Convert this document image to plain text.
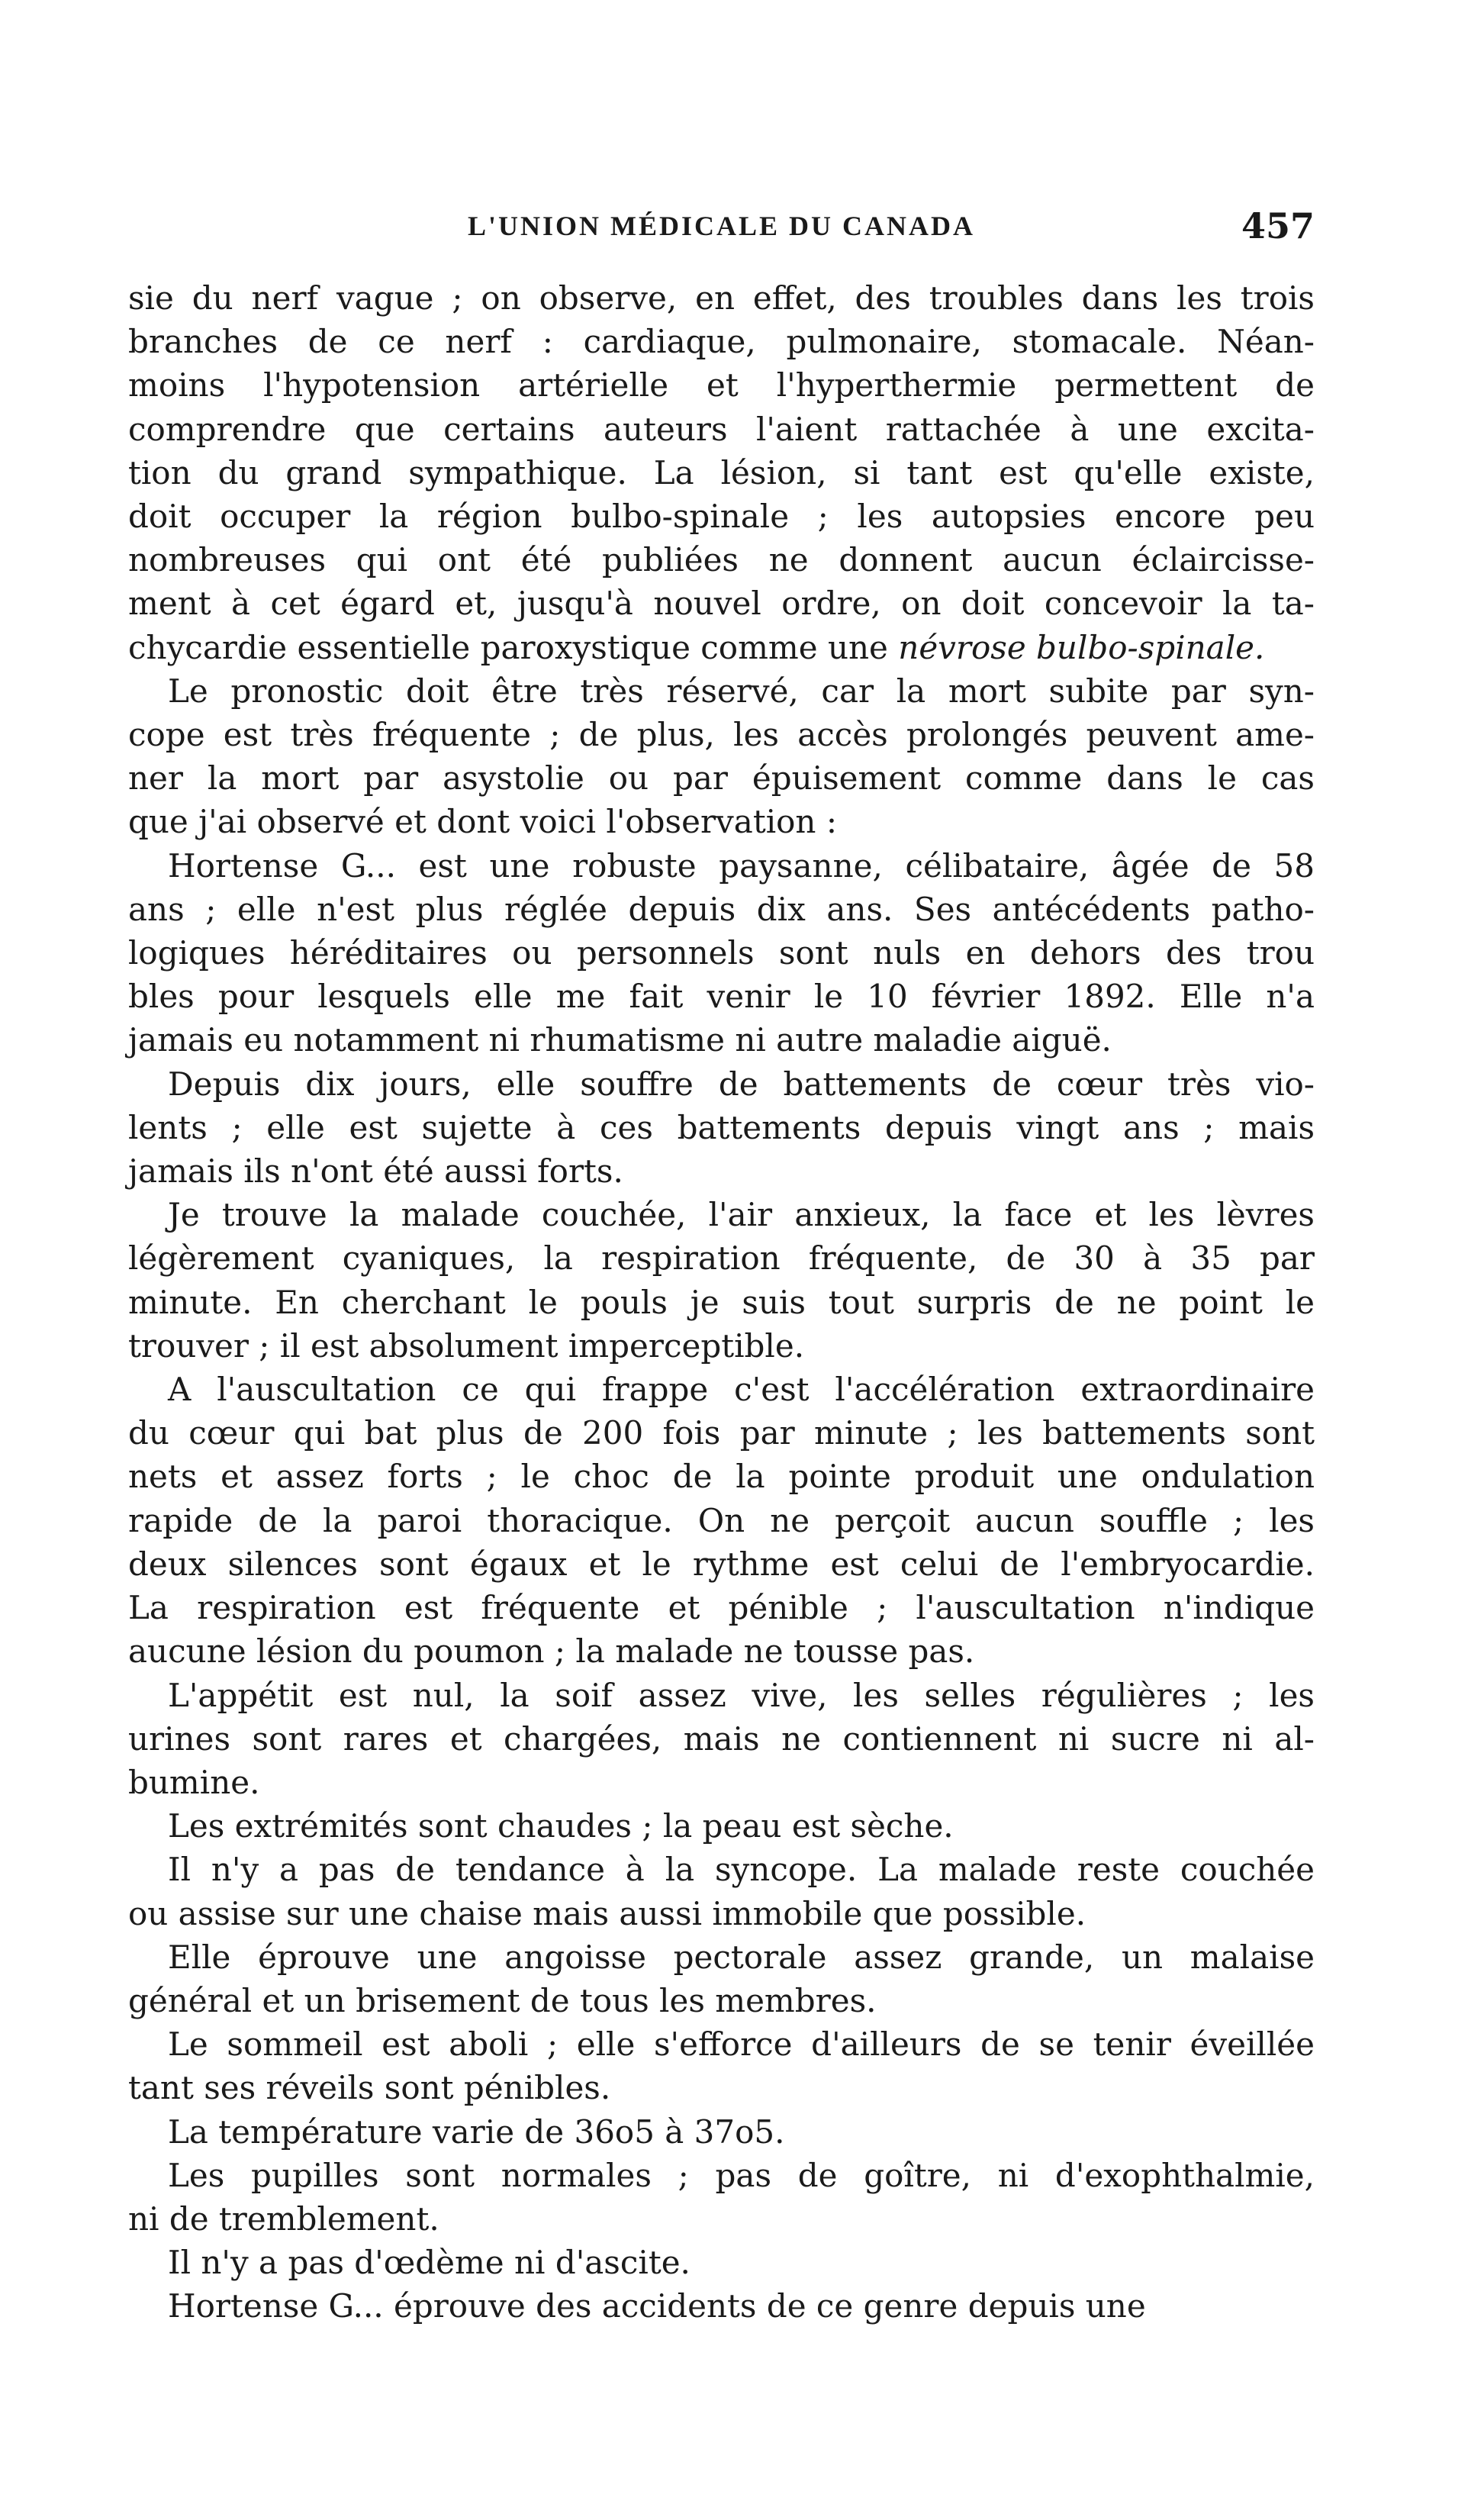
L'UNION MÉDICALE DU CANADA	457
sie du nerf vague ; on observe, en effet, des troubles dans les trois
branches de ce nerf : cardiaque, pulmonaire, stomacale. Néan-
moins l'hypotension artérielle et l'hyperthermie permettent de
comprendre que certains auteurs l'aient rattachée à une excita-
tion du grand sympathique. La lésion, si tant est qu'elle existe,
doit occuper la région bulbo-spinale ; les autopsies encore peu
nombreuses qui ont été publiées ne donnent aucun éclaircisse-
ment à cet égard et, jusqu'à nouvel ordre, on doit concevoir la ta-
chycardie essentielle paroxystique comme une névrose bulbo-spinale.
Le pronostic doit être très réservé, car la mort subite par syn-
cope est très fréquente ; de plus, les accès prolongés peuvent ame-
ner la mort par asystolie ou par épuisement comme dans le cas
que j'ai observé et dont voici l'observation :
Hortense G... est une robuste paysanne, célibataire, âgée de 58
ans ; elle n'est plus réglée depuis dix ans. Ses antécédents patho-
logiques héréditaires ou personnels sont nuls en dehors des trou
bles pour lesquels elle me fait venir le 10 février 1892. Elle n'a
jamais eu notamment ni rhumatisme ni autre maladie aiguë.
Depuis dix jours, elle souffre de battements de cœur très vio-
lents ; elle est sujette à ces battements depuis vingt ans ; mais
jamais ils n'ont été aussi forts.
Je trouve la malade couchée, l'air anxieux, la face et les lèvres
légèrement cyaniques, la respiration fréquente, de 30 à 35 par
minute. En cherchant le pouls je suis tout surpris de ne point le
trouver ; il est absolument imperceptible.
A l'auscultation ce qui frappe c'est l'accélération extraordinaire
du cœur qui bat plus de 200 fois par minute ; les battements sont
nets et assez forts ; le choc de la pointe produit une ondulation
rapide de la paroi thoracique. On ne perçoit aucun souffle ; les
deux silences sont égaux et le rythme est celui de l'embryocardie.
La respiration est fréquente et pénible ; l'auscultation n'indique
aucune lésion du poumon ; la malade ne tousse pas.
L'appétit est nul, la soif assez vive, les selles régulières ; les
urines sont rares et chargées, mais ne contiennent ni sucre ni al-
bumine.
Les extrémités sont chaudes ; la peau est sèche.
Il n'y a pas de tendance à la syncope. La malade reste couchée
ou assise sur une chaise mais aussi immobile que possible.
Elle éprouve une angoisse pectorale assez grande, un malaise
général et un brisement de tous les membres.
Le sommeil est aboli ; elle s'efforce d'ailleurs de se tenir éveillée
tant ses réveils sont pénibles.
La température varie de 36o5 à 37o5.
Les pupilles sont normales ; pas de goître, ni d'exophthalmie,
ni de tremblement.
Il n'y a pas d'œdème ni d'ascite.
Hortense G... éprouve des accidents de ce genre depuis une
